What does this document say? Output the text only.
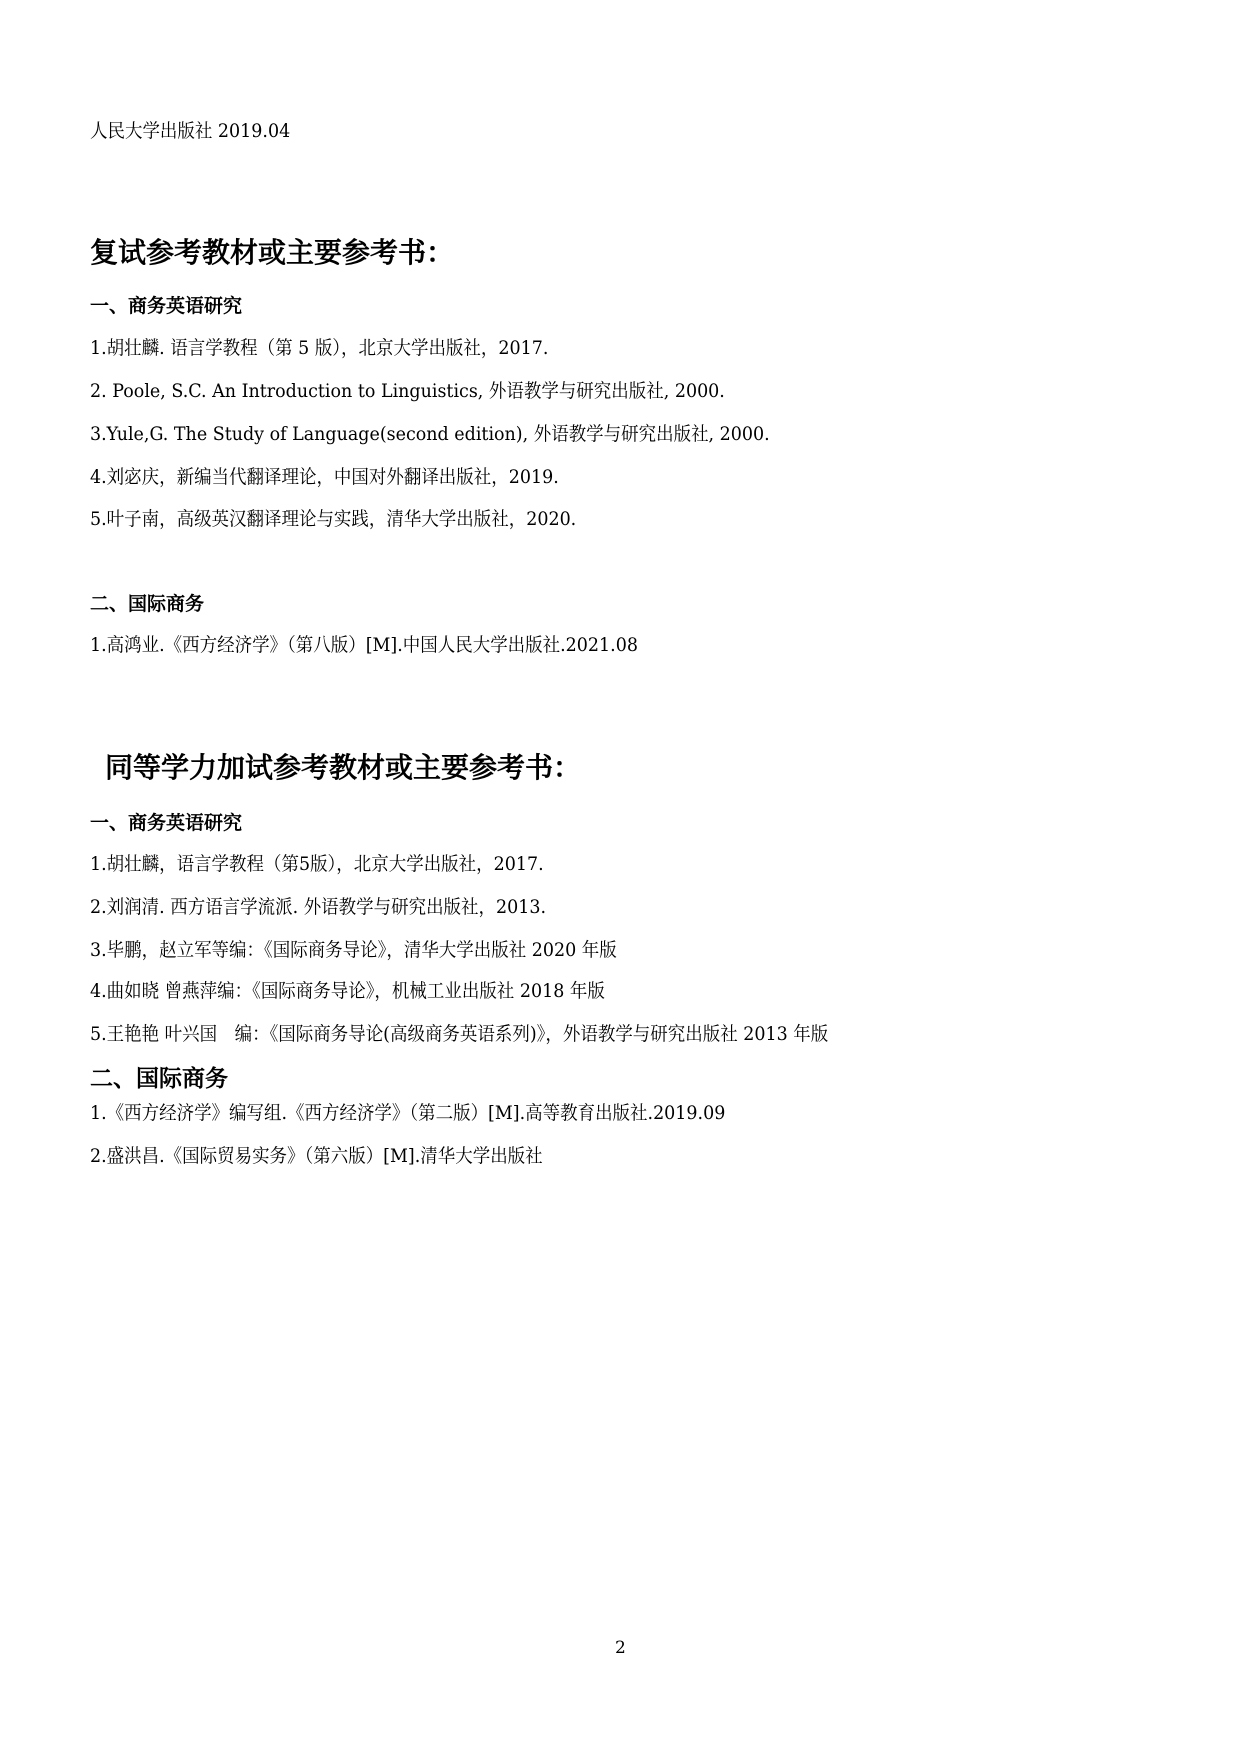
人民大学出版社 2019.04
复试参考教材或主要参考书：
一、商务英语研究
1.胡壮麟. 语言学教程（第 5 版），北京大学出版社，2017.
2. Poole, S.C. An Introduction to Linguistics, 外语教学与研究出版社, 2000.
3.Yule,G. The Study of Language(second edition), 外语教学与研究出版社, 2000.
4.刘宓庆，新编当代翻译理论，中国对外翻译出版社，2019.
5.叶子南，高级英汉翻译理论与实践，清华大学出版社，2020.
二、国际商务
1.高鸿业.《西方经济学》（第八版）[M].中国人民大学出版社.2021.08
同等学力加试参考教材或主要参考书：
一、商务英语研究
1.胡壮麟，语言学教程（第5版），北京大学出版社，2017.
2.刘润清. 西方语言学流派. 外语教学与研究出版社，2013.
3.毕鹏，赵立军等编：《国际商务导论》，清华大学出版社 2020 年版
4.曲如晓 曾燕萍编：《国际商务导论》，机械工业出版社 2018 年版
5.王艳艳 叶兴国　编：《国际商务导论(高级商务英语系列)》，外语教学与研究出版社 2013 年版
二、国际商务
1.《西方经济学》编写组.《西方经济学》（第二版）[M].高等教育出版社.2019.09
2.盛洪昌.《国际贸易实务》（第六版）[M].清华大学出版社
2
